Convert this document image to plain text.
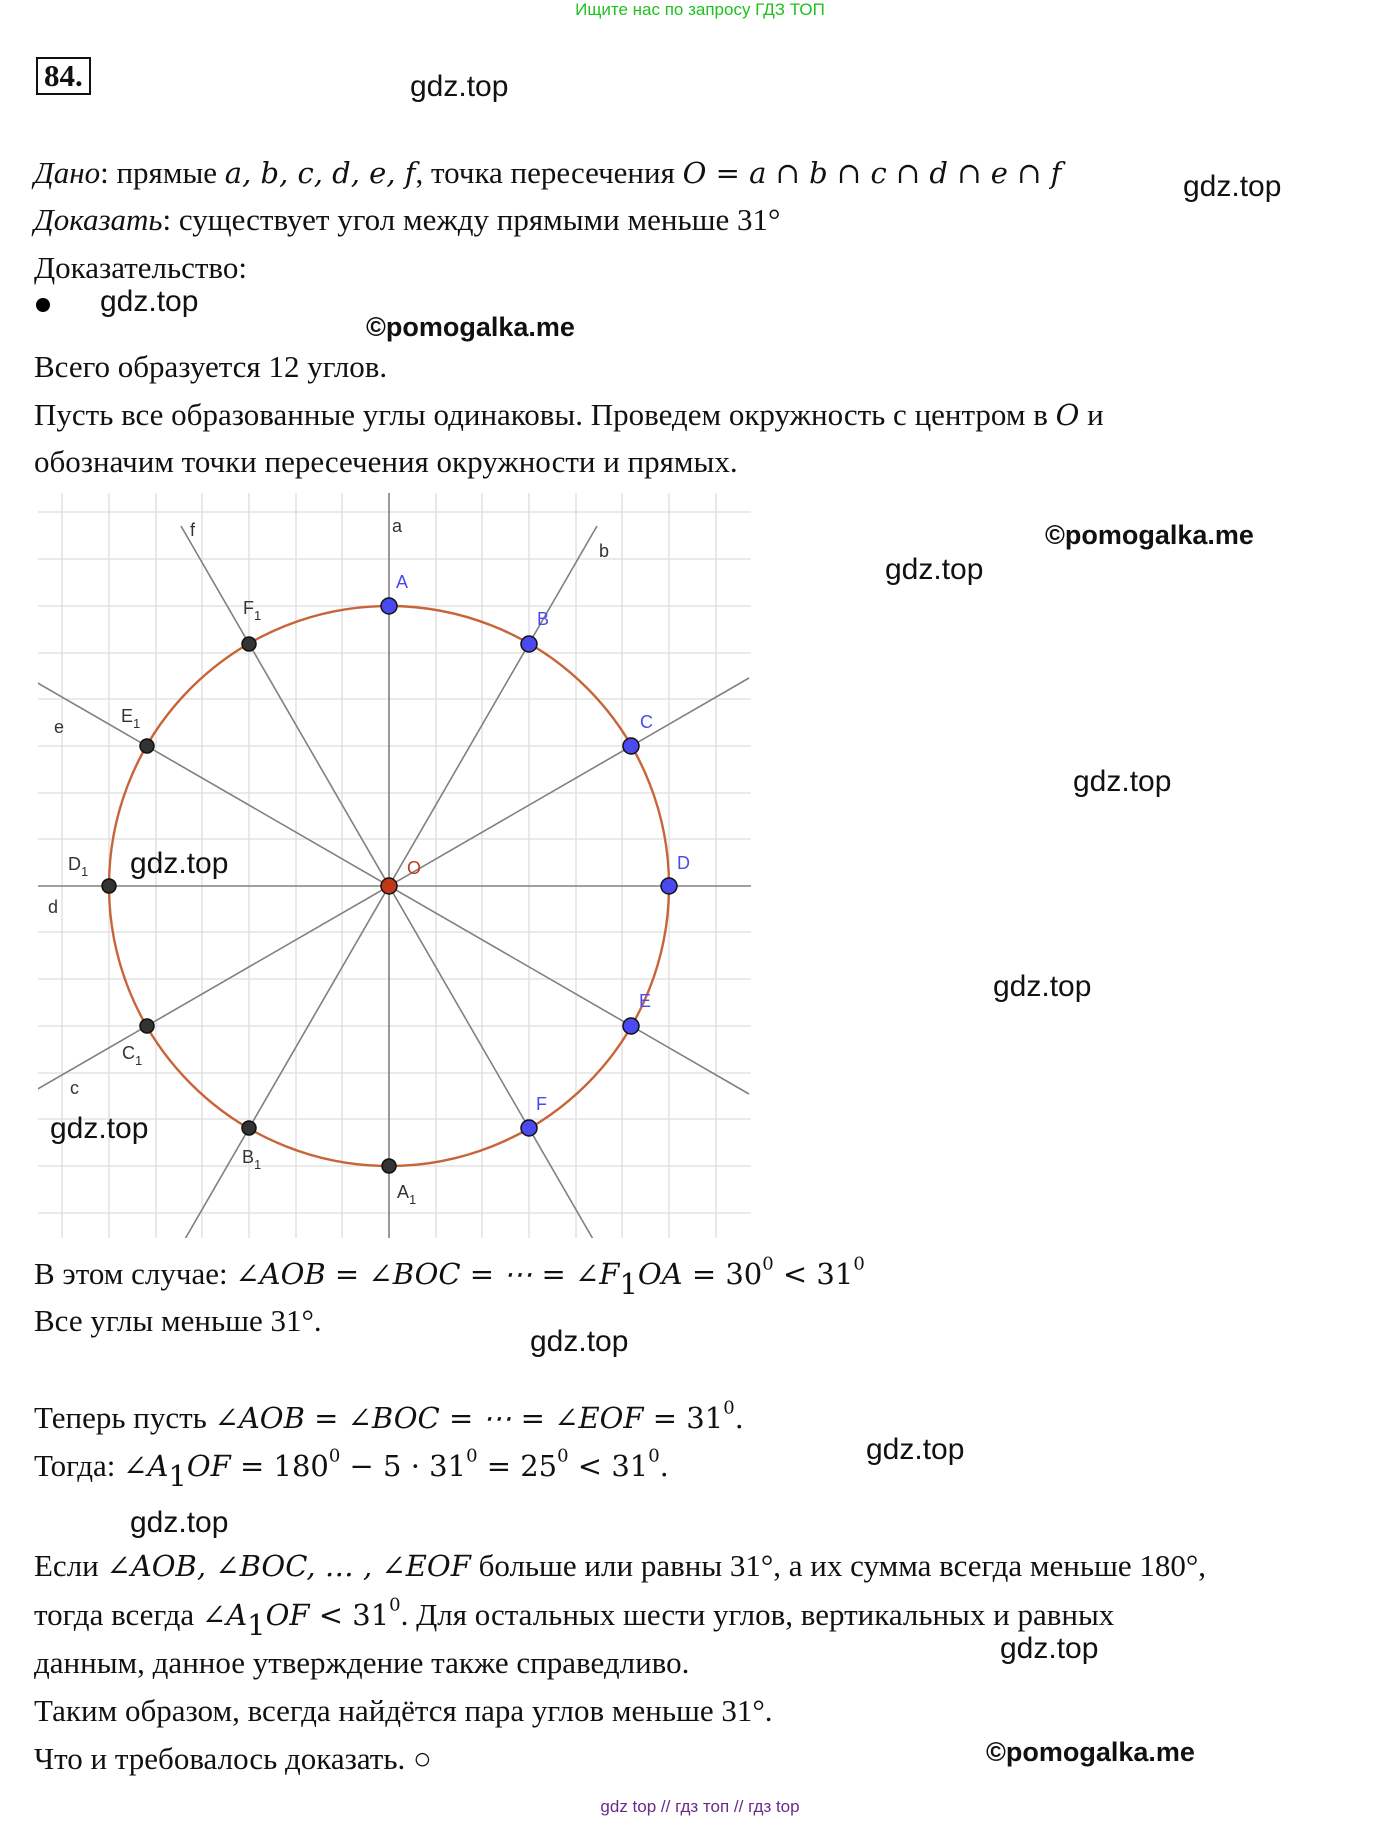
Ищите нас по запросу ГДЗ ТОП
84.	gdz.top
gdz.top
Дано: прямые a, b, c, d, e, f, точка пересечения O = a ∩ b ∩ c ∩ d ∩ e ∩ f
Доказать: существует угол между прямыми меньше 31°
Доказательство:
gdz.top
©pomogalka.me
Всего образуется 12 углов.
Пусть все образованные углы одинаковы. Проведем окружность с центром в O и
обозначим точки пересечения окружности и прямых.
©pomogalka.me
gdz.top
gdz.top
gdz.top
a
b
c
d
e
f
A
B
C
D
E
F
O
$F_1$
$E_1$
$D_1$
$C_1$
$B_1$
$A_1$
gdz.top
gdz.top
В этом случае: ∠AOB = ∠BOC = ⋯ = $\angle F_1OA = 30^0 < 31^0$
Все углы меньше 31°.
gdz.top
Теперь пусть ∠AOB = ∠BOC = ⋯ = ∠EOF = $31^0$.
Тогда: $\angle A_1OF = 180^0 - 5 \cdot 31^0 = 25^0 < 31^0$.	gdz.top
gdz.top
Если ∠AOB, ∠BOC, … , ∠EOF больше или равны 31°, а их сумма всегда меньше 180°,
тогда всегда $\angle A_1OF < 31^0$. Для остальных шести углов, вертикальных и равных
gdz.top
данным, данное утверждение также справедливо.
Таким образом, всегда найдётся пара углов меньше 31°.
Что и требовалось доказать. ○	©pomogalka.me
gdz top // гдз топ // гдз top
